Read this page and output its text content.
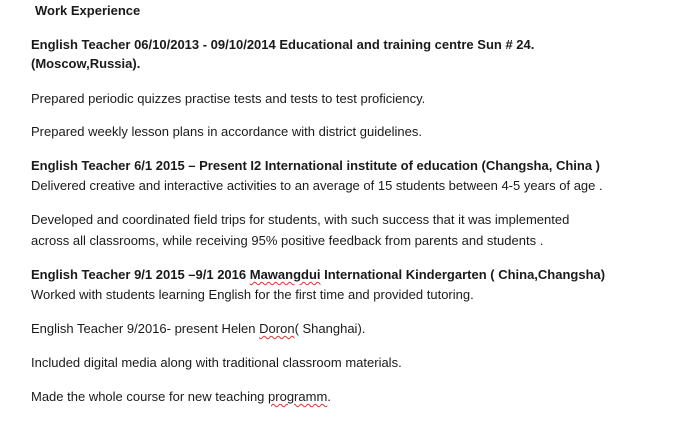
Work Experience
English Teacher 06/10/2013 - 09/10/2014 Educational and training centre Sun # 24.
(Moscow,Russia).
Prepared periodic quizzes practise tests and tests to test proficiency.
Prepared weekly lesson plans in accordance with district guidelines.
English Teacher 6/1 2015 – Present I2 International institute of education (Changsha, China )
Delivered creative and interactive activities to an average of 15 students between 4-5 years of age .
Developed and coordinated field trips for students, with such success that it was implemented
across all classrooms, while receiving 95% positive feedback from parents and students .
English Teacher 9/1 2015 –9/1 2016 Mawangdui International Kindergarten ( China,Changsha)
Worked with students learning English for the first time and provided tutoring.
English Teacher 9/2016- present Helen Doron( Shanghai).
Included digital media along with traditional classroom materials.
Made the whole course for new teaching programm.
